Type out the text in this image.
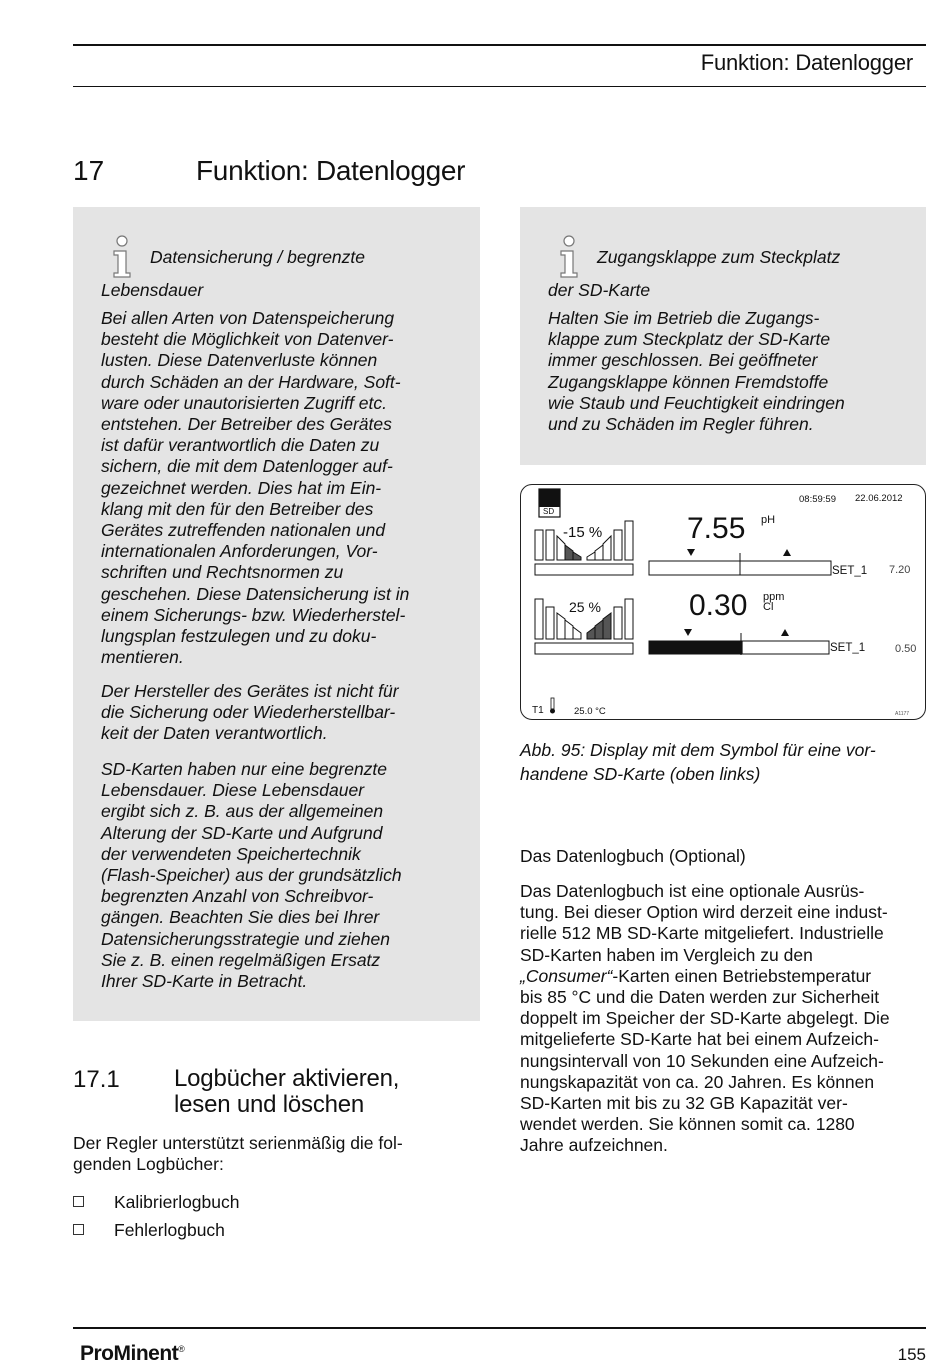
Funktion: Datenlogger
17	Funktion: Datenlogger
Datensicherung / begrenzte
Lebensdauer
Bei allen Arten von Datenspeicherung
besteht die Möglichkeit von Datenver-
lusten. Diese Datenverluste können
durch Schäden an der Hardware, Soft-
ware oder unautorisierten Zugriff etc.
entstehen. Der Betreiber des Gerätes
ist dafür verantwortlich die Daten zu
sichern, die mit dem Datenlogger auf-
gezeichnet werden. Dies hat im Ein-
klang mit den für den Betreiber des
Gerätes zutreffenden nationalen und
internationalen Anforderungen, Vor-
schriften und Rechtsnormen zu
geschehen. Diese Datensicherung ist in
einem Sicherungs- bzw. Wiederherstel-
lungsplan festzulegen und zu doku-
mentieren.
Der Hersteller des Gerätes ist nicht für
die Sicherung oder Wiederherstellbar-
keit der Daten verantwortlich.
SD-Karten haben nur eine begrenzte
Lebensdauer. Diese Lebensdauer
ergibt sich z. B. aus der allgemeinen
Alterung der SD-Karte und Aufgrund
der verwendeten Speichertechnik
(Flash-Speicher) aus der grundsätzlich
begrenzten Anzahl von Schreibvor-
gängen. Beachten Sie dies bei Ihrer
Datensicherungsstrategie und ziehen
Sie z. B. einen regelmäßigen Ersatz
Ihrer SD-Karte in Betracht.
Zugangsklappe zum Steckplatz
der SD-Karte
Halten Sie im Betrieb die Zugangs-
klappe zum Steckplatz der SD-Karte
immer geschlossen. Bei geöffneter
Zugangsklappe können Fremdstoffe
wie Staub und Feuchtigkeit eindringen
und zu Schäden im Regler führen.
SD
08:59:59 22.06.2012
-15 %	7.55 pH
SET_1 7.20
25 %	0.30 ppm
Cl
SET_1	0.50
T1	25.0 °C	A1177
Abb. 95: Display mit dem Symbol für eine vor-
handene SD-Karte (oben links)
Das Datenlogbuch (Optional)
Das Datenlogbuch ist eine optionale Ausrüs-
tung. Bei dieser Option wird derzeit eine indust-
rielle 512 MB SD-Karte mitgeliefert. Industrielle
SD-Karten haben im Vergleich zu den
„Consumer“-Karten einen Betriebstemperatur
bis 85 °C und die Daten werden zur Sicherheit
doppelt im Speicher der SD-Karte abgelegt. Die
mitgelieferte SD-Karte hat bei einem Aufzeich-
nungsintervall von 10 Sekunden eine Aufzeich-
nungskapazität von ca. 20 Jahren. Es können
SD-Karten mit bis zu 32 GB Kapazität ver-
wendet werden. Sie können somit ca. 1280
Jahre aufzeichnen.
17.1 Logbücher aktivieren,
lesen und löschen
Der Regler unterstützt serienmäßig die fol-
genden Logbücher:
Kalibrierlogbuch
Fehlerlogbuch
ProMinent®	155
